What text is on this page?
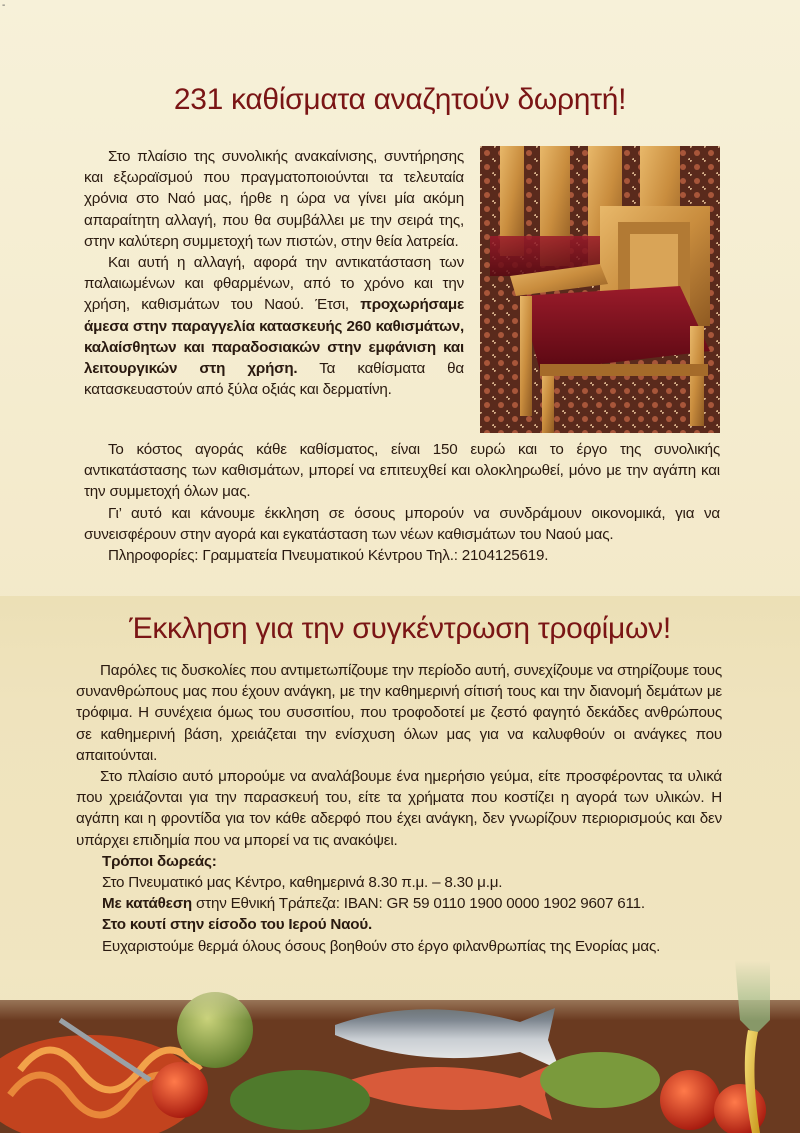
-
231 καθίσματα αναζητούν δωρητή!

Στο πλαίσιο της συνολικής ανακαίνισης, συντήρησης και εξωραϊσμού που πραγματοποιούνται τα τελευταία χρόνια στο Ναό μας, ήρθε η ώρα να γίνει μία ακόμη απαραίτητη αλλαγή, που θα συμβάλλει με την σειρά της, στην καλύτερη συμμετοχή των πιστών, στην θεία λατρεία.

Και αυτή η αλλαγή, αφορά την αντικατάσταση των παλαιωμένων και φθαρμένων, από το χρόνο και την χρήση, καθισμάτων του Ναού. Έτσι, προχωρήσαμε άμεσα στην παραγγελία κατασκευής 260 καθισμάτων, καλαίσθητων και παραδοσιακών στην εμφάνιση και λειτουργικών στη χρήση. Τα καθίσματα θα κατασκευαστούν από ξύλα οξιάς και δερματίνη.

Το κόστος αγοράς κάθε καθίσματος, είναι 150 ευρώ και το έργο της συνολικής αντικατάστασης των καθισμάτων, μπορεί να επιτευχθεί και ολοκληρωθεί, μόνο με την αγάπη και την συμμετοχή όλων μας.

Γι’ αυτό και κάνουμε έκκληση σε όσους μπορούν να συνδράμουν οικονομικά, για να συνεισφέρουν στην αγορά και εγκατάσταση των νέων καθισμάτων του Ναού μας.

Πληροφορίες: Γραμματεία Πνευματικού Κέντρου Τηλ.: 2104125619.

Έκκληση για την συγκέντρωση τροφίμων!

Παρόλες τις δυσκολίες που αντιμετωπίζουμε την περίοδο αυτή, συνεχίζουμε να στηρίζουμε τους συνανθρώπους μας που έχουν ανάγκη, με την καθημερινή σίτισή τους και την διανομή δεμάτων με τρόφιμα. Η συνέχεια όμως του συσσιτίου, που τροφοδοτεί με ζεστό φαγητό δεκάδες ανθρώπους σε καθημερινή βάση, χρειάζεται την ενίσχυση όλων μας για να καλυφθούν οι ανάγκες που απαιτούνται.

Στο πλαίσιο αυτό μπορούμε να αναλάβουμε ένα ημερήσιο γεύμα, είτε προσφέροντας τα υλικά που χρειάζονται για την παρασκευή του, είτε τα χρήματα που κοστίζει η αγορά των υλικών. Η αγάπη και η φροντίδα για τον κάθε αδερφό που έχει ανάγκη, δεν γνωρίζουν περιορισμούς και δεν υπάρχει επιδημία που να μπορεί να τις ανακόψει.

Τρόποι δωρεάς:

Στο Πνευματικό μας Κέντρο, καθημερινά 8.30 π.μ. – 8.30 μ.μ.

Με κατάθεση στην Εθνική Τράπεζα: IBAN: GR 59 0110 1900 0000 1902 9607 611.

Στο κουτί στην είσοδο του Ιερού Ναού.

Ευχαριστούμε θερμά όλους όσους βοηθούν στο έργο φιλανθρωπίας της Ενορίας μας.
